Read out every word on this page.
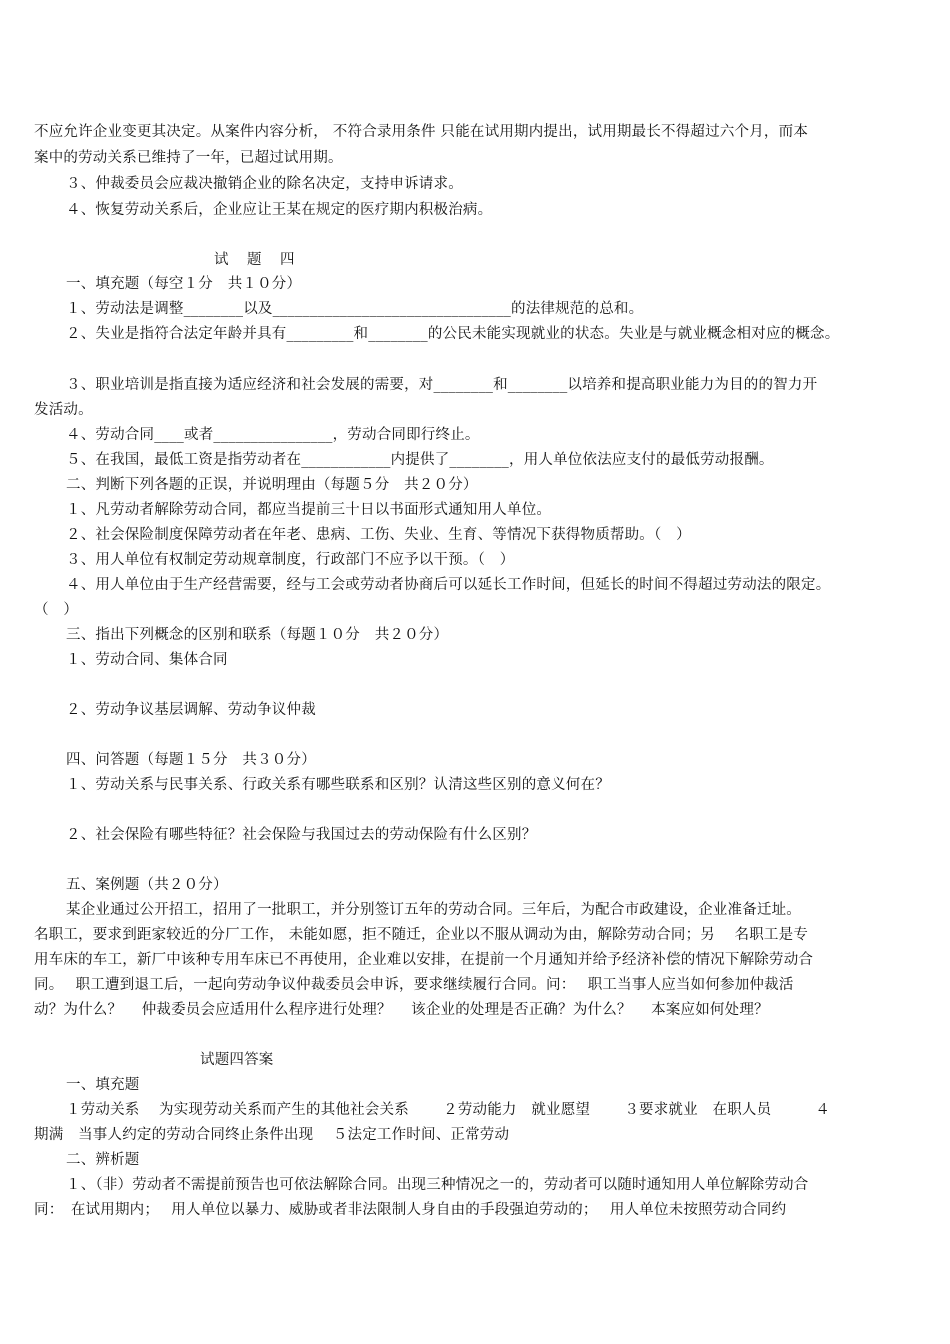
不应允许企业变更其决定。从案件内容分析， 不符合录用条件 只能在试用期内提出，试用期最长不得超过六个月，而本
案中的劳动关系已维持了一年，已超过试用期。
３、仲裁委员会应裁决撤销企业的除名决定，支持申诉请求。
４、恢复劳动关系后，企业应让王某在规定的医疗期内积极治病。
试　题　四
一、填充题（每空１分　共１０分）
１、劳动法是调整________以及________________________________的法律规范的总和。
２、失业是指符合法定年龄并具有_________和________的公民未能实现就业的状态。失业是与就业概念相对应的概念。
３、职业培训是指直接为适应经济和社会发展的需要，对________和________以培养和提高职业能力为目的的智力开
发活动。
４、劳动合同____或者________________，劳动合同即行终止。
５、在我国，最低工资是指劳动者在____________内提供了________，用人单位依法应支付的最低劳动报酬。
二、判断下列各题的正误，并说明理由（每题５分　共２０分）
１、凡劳动者解除劳动合同，都应当提前三十日以书面形式通知用人单位。
２、社会保险制度保障劳动者在年老、患病、工伤、失业、生育、等情况下获得物质帮助。（　）
３、用人单位有权制定劳动规章制度，行政部门不应予以干预。（　）
４、用人单位由于生产经营需要，经与工会或劳动者协商后可以延长工作时间，但延长的时间不得超过劳动法的限定。
（　）
三、指出下列概念的区别和联系（每题１０分　共２０分）
１、劳动合同、集体合同
２、劳动争议基层调解、劳动争议仲裁
四、问答题（每题１５分　共３０分）
１、劳动关系与民事关系、行政关系有哪些联系和区别？认清这些区别的意义何在？
２、社会保险有哪些特征？社会保险与我国过去的劳动保险有什么区别？
五、案例题（共２０分）
某企业通过公开招工，招用了一批职工，并分别签订五年的劳动合同。三年后，为配合市政建设，企业准备迁址。
名职工，要求到距家较近的分厂工作， 未能如愿，拒不随迁，企业以不服从调动为由，解除劳动合同；另　 名职工是专
用车床的车工，新厂中该种专用车床已不再使用，企业难以安排，在提前一个月通知并给予经济补偿的情况下解除劳动合
同。　 职工遭到退工后，一起向劳动争议仲裁委员会申诉，要求继续履行合同。问：　 职工当事人应当如何参加仲裁活
动？为什么？　 仲裁委员会应适用什么程序进行处理？　 该企业的处理是否正确？为什么？　 本案应如何处理？
试题四答案
一、填充题
１劳动关系　 为实现劳动关系而产生的其他社会关系　　 ２劳动能力　就业愿望　　 ３要求就业　在职人员　　　４
期满　当事人约定的劳动合同终止条件出现　 ５法定工作时间、正常劳动
二、辨析题
１、（非）劳动者不需提前预告也可依法解除合同。出现三种情况之一的，劳动者可以随时通知用人单位解除劳动合
同：　在试用期内；　 用人单位以暴力、威胁或者非法限制人身自由的手段强迫劳动的；　 用人单位未按照劳动合同约
